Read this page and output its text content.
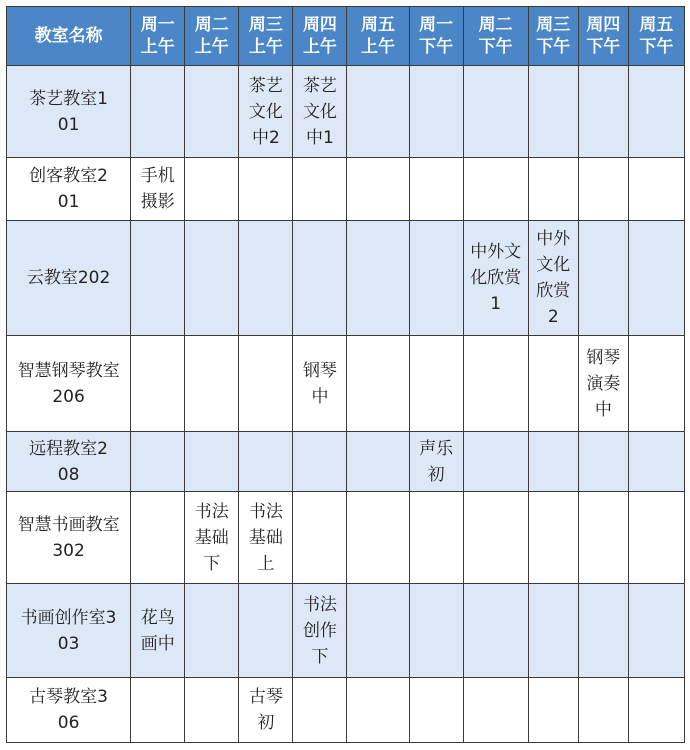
教室名称	周一上午	周二上午	周三上午	周四上午	周五上午	周一下午	周二下午	周三下午	周四下午	周五下午

茶艺教室101			茶艺文化中2	茶艺文化中1						

创客教室201	手机摄影									

云教室202							中外文化欣赏1	中外文化欣赏2		

智慧钢琴教室206				钢琴中					钢琴演奏中	

远程教室208						声乐初				

智慧书画教室302		书法基础下	书法基础上							

书画创作室303	花鸟画中			书法创作下						

古琴教室306			古琴初							
